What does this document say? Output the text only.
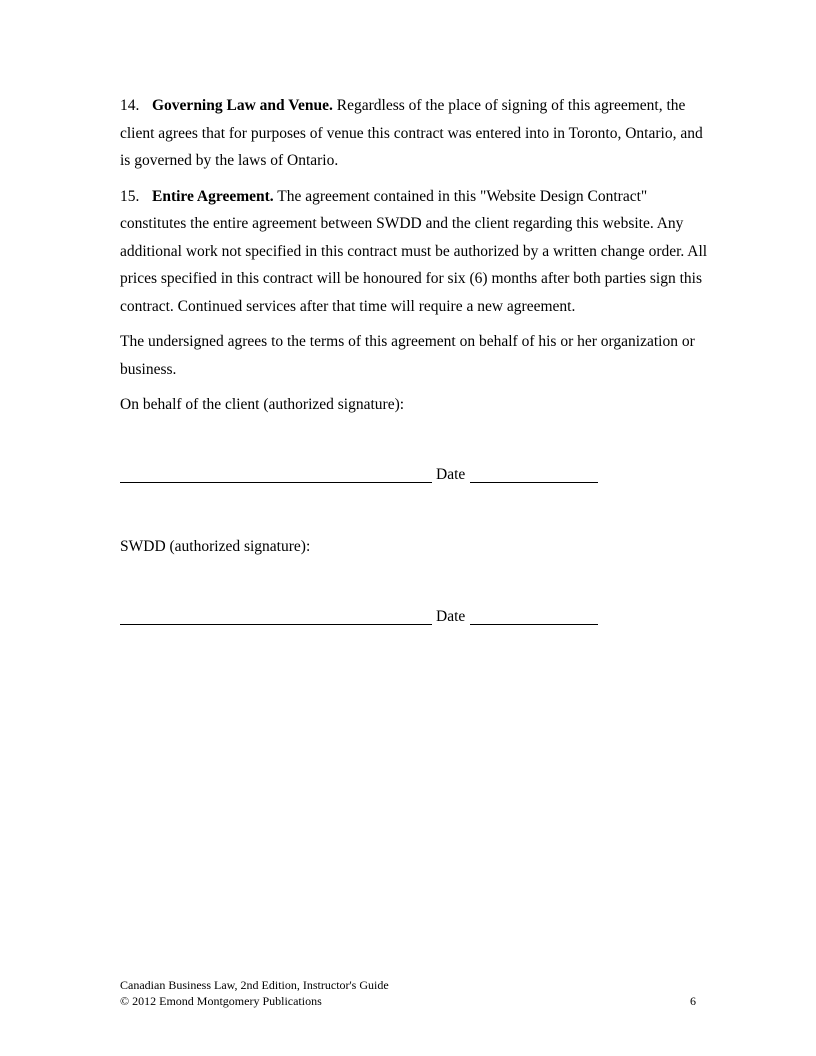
14. Governing Law and Venue. Regardless of the place of signing of this agreement, the client agrees that for purposes of venue this contract was entered into in Toronto, Ontario, and is governed by the laws of Ontario.

15. Entire Agreement. The agreement contained in this "Website Design Contract" constitutes the entire agreement between SWDD and the client regarding this website. Any additional work not specified in this contract must be authorized by a written change order. All prices specified in this contract will be honoured for six (6) months after both parties sign this contract. Continued services after that time will require a new agreement.

The undersigned agrees to the terms of this agreement on behalf of his or her organization or business.

On behalf of the client (authorized signature):
Date
SWDD (authorized signature):
Date
Canadian Business Law, 2nd Edition, Instructor's Guide
© 2012 Emond Montgomery Publications	6
